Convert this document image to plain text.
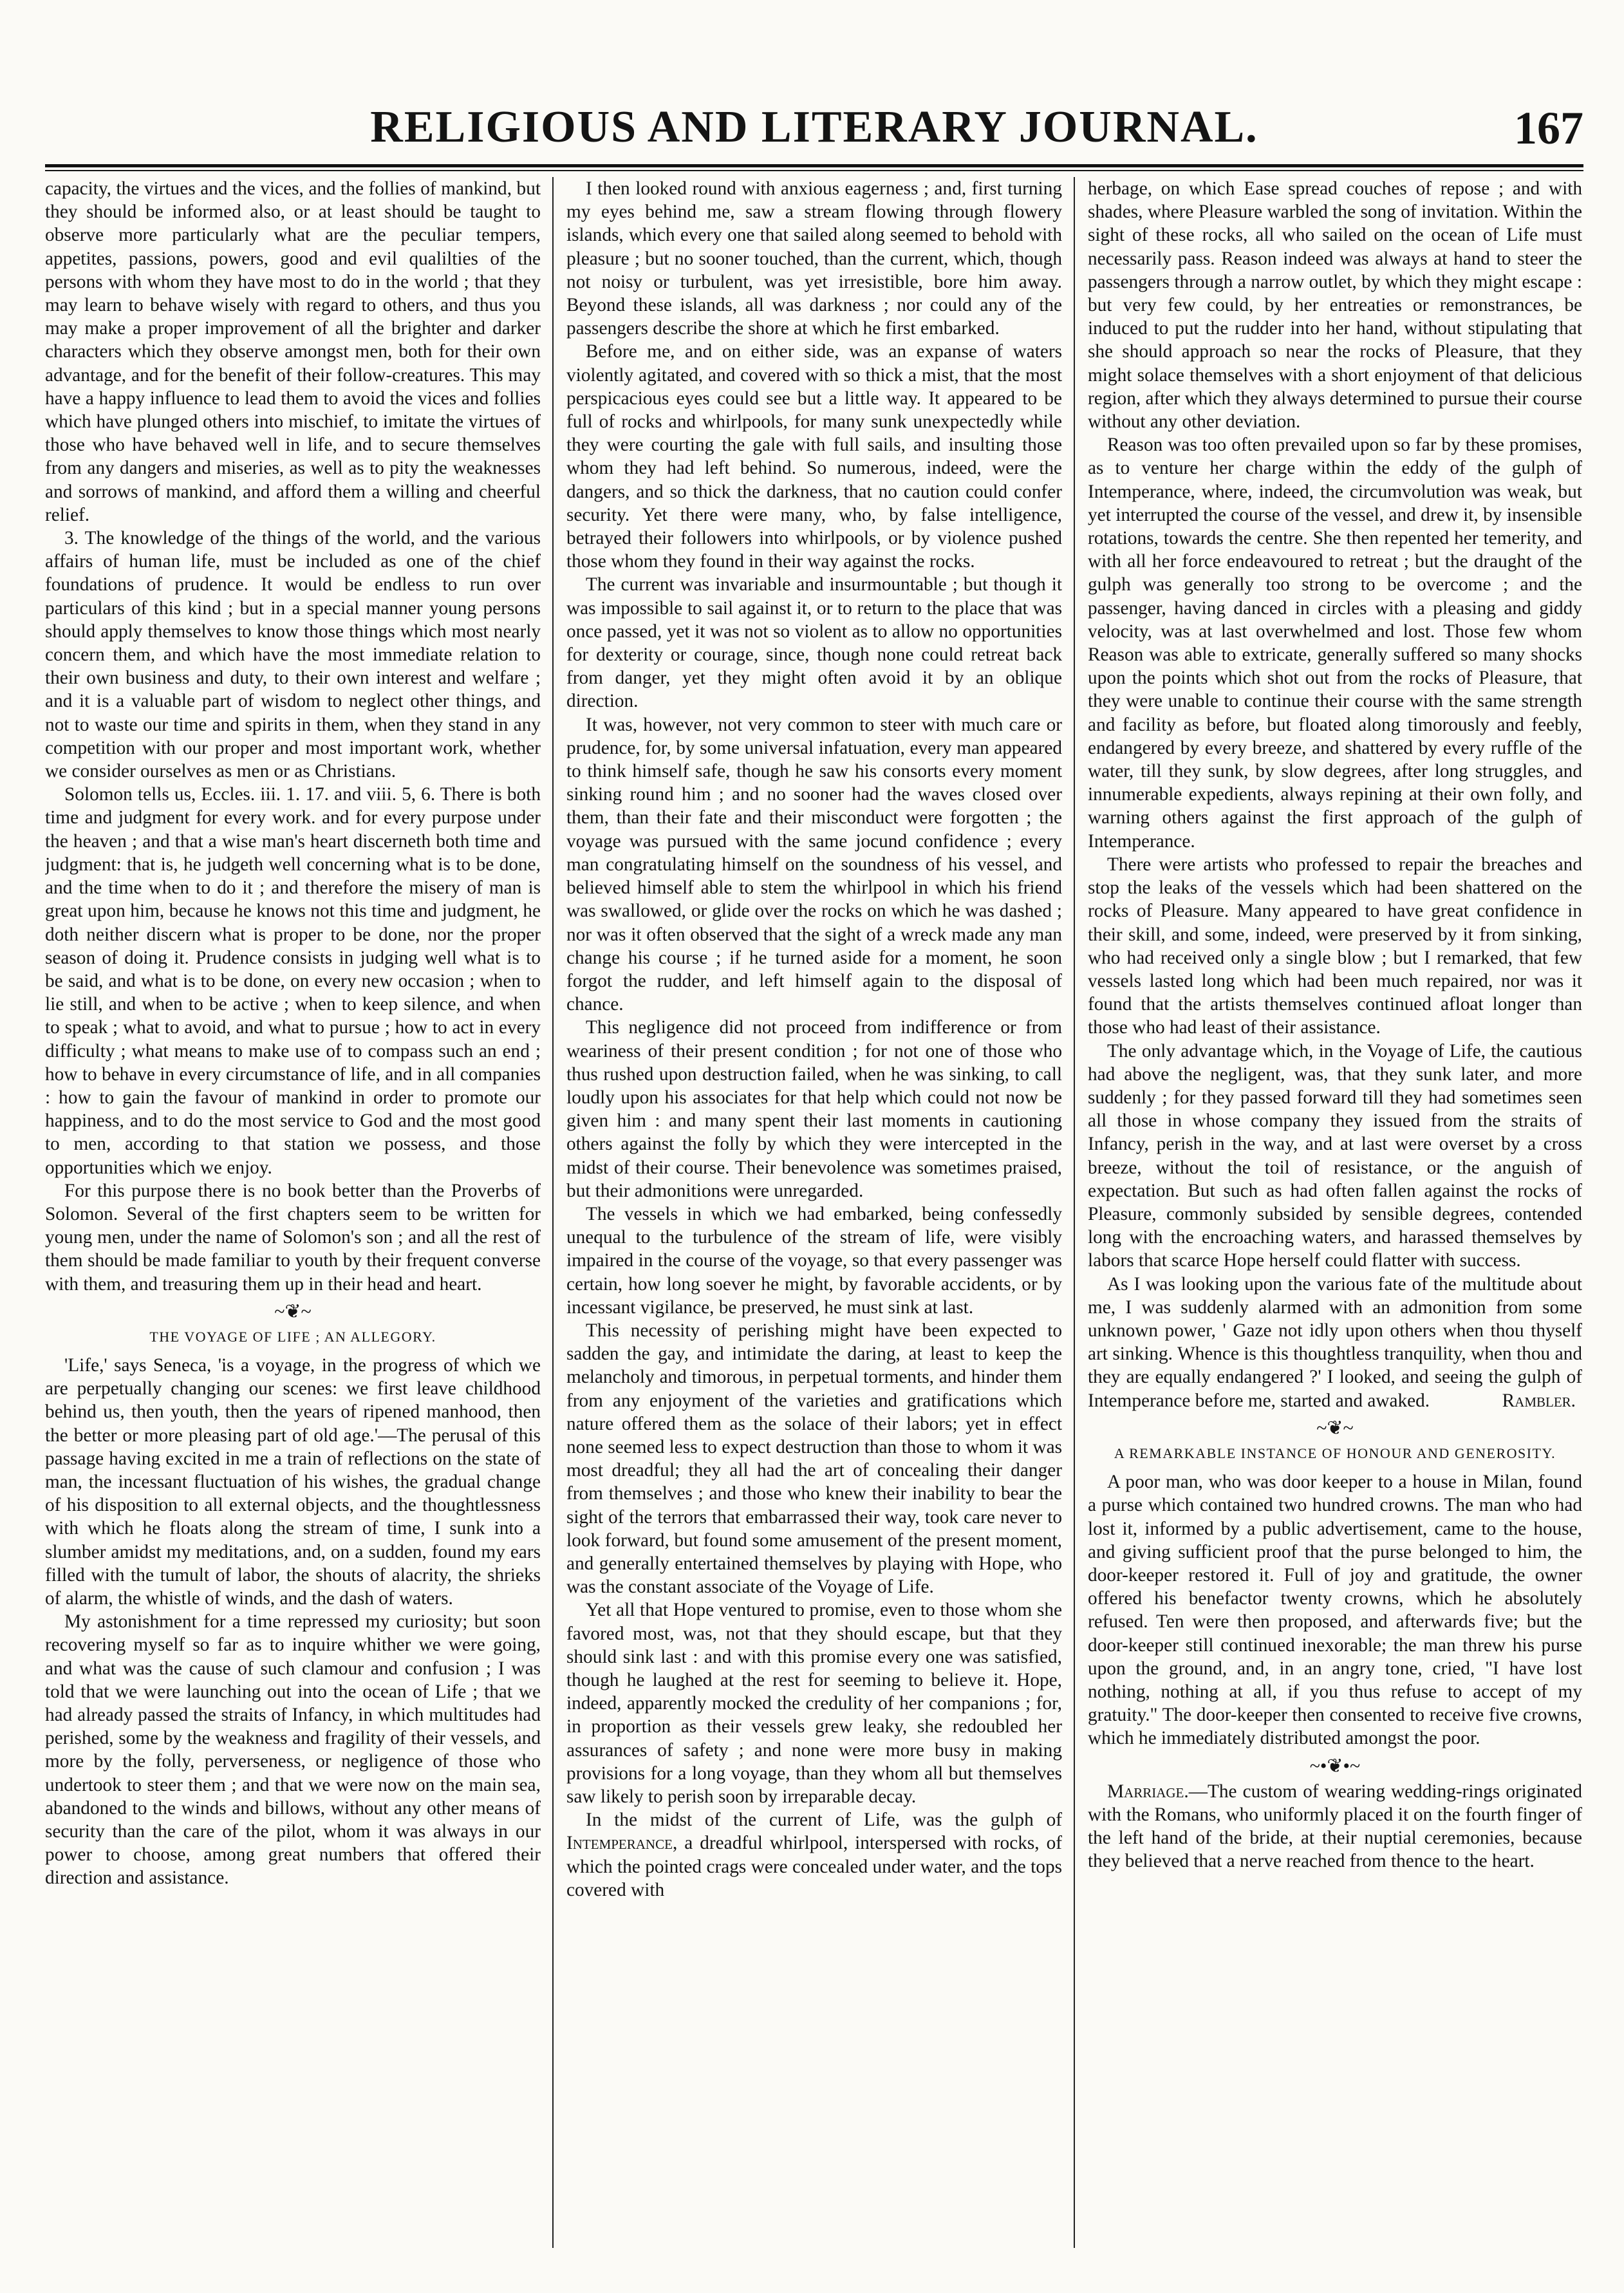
RELIGIOUS AND LITERARY JOURNAL.	167

capacity, the virtues and the vices, and the follies of mankind, but they should be informed also, or at least should be taught to observe more particularly what are the peculiar tempers, appetites, passions, powers, good and evil qualilties of the persons with whom they have most to do in the world ; that they may learn to behave wisely with regard to others, and thus you may make a proper improvement of all the brighter and darker characters which they observe amongst men, both for their own advantage, and for the benefit of their follow-creatures. This may have a happy influence to lead them to avoid the vices and follies which have plunged others into mischief, to imitate the virtues of those who have behaved well in life, and to secure themselves from any dangers and miseries, as well as to pity the weaknesses and sorrows of mankind, and afford them a willing and cheerful relief.

3. The knowledge of the things of the world, and the various affairs of human life, must be included as one of the chief foundations of prudence. It would be endless to run over particulars of this kind ; but in a special manner young persons should apply themselves to know those things which most nearly concern them, and which have the most immediate relation to their own business and duty, to their own interest and welfare ; and it is a valuable part of wisdom to neglect other things, and not to waste our time and spirits in them, when they stand in any competition with our proper and most important work, whether we consider ourselves as men or as Christians.

Solomon tells us, Eccles. iii. 1. 17. and viii. 5, 6. There is both time and judgment for every work. and for every purpose under the heaven ; and that a wise man's heart discerneth both time and judgment: that is, he judgeth well concerning what is to be done, and the time when to do it ; and therefore the misery of man is great upon him, because he knows not this time and judgment, he doth neither discern what is proper to be done, nor the proper season of doing it. Prudence consists in judging well what is to be said, and what is to be done, on every new occasion ; when to lie still, and when to be active ; when to keep silence, and when to speak ; what to avoid, and what to pursue ; how to act in every difficulty ; what means to make use of to compass such an end ; how to behave in every circumstance of life, and in all companies : how to gain the favour of mankind in order to promote our happiness, and to do the most service to God and the most good to men, according to that station we possess, and those opportunities which we enjoy.

For this purpose there is no book better than the Proverbs of Solomon. Several of the first chapters seem to be written for young men, under the name of Solomon's son ; and all the rest of them should be made familiar to youth by their frequent converse with them, and treasuring them up in their head and heart.

~❦~
THE VOYAGE OF LIFE ; AN ALLEGORY.

'Life,' says Seneca, 'is a voyage, in the progress of which we are perpetually changing our scenes: we first leave childhood behind us, then youth, then the years of ripened manhood, then the better or more pleasing part of old age.'—The perusal of this passage having excited in me a train of reflections on the state of man, the incessant fluctuation of his wishes, the gradual change of his disposition to all external objects, and the thoughtlessness with which he floats along the stream of time, I sunk into a slumber amidst my meditations, and, on a sudden, found my ears filled with the tumult of labor, the shouts of alacrity, the shrieks of alarm, the whistle of winds, and the dash of waters.

My astonishment for a time repressed my curiosity; but soon recovering myself so far as to inquire whither we were going, and what was the cause of such clamour and confusion ; I was told that we were launching out into the ocean of Life ; that we had already passed the straits of Infancy, in which multitudes had perished, some by the weakness and fragility of their vessels, and more by the folly, perverseness, or negligence of those who undertook to steer them ; and that we were now on the main sea, abandoned to the winds and billows, without any other means of security than the care of the pilot, whom it was always in our power to choose, among great numbers that offered their direction and assistance.

I then looked round with anxious eagerness ; and, first turning my eyes behind me, saw a stream flowing through flowery islands, which every one that sailed along seemed to behold with pleasure ; but no sooner touched, than the current, which, though not noisy or turbulent, was yet irresistible, bore him away. Beyond these islands, all was darkness ; nor could any of the passengers describe the shore at which he first embarked.

Before me, and on either side, was an expanse of waters violently agitated, and covered with so thick a mist, that the most perspicacious eyes could see but a little way. It appeared to be full of rocks and whirlpools, for many sunk unexpectedly while they were courting the gale with full sails, and insulting those whom they had left behind. So numerous, indeed, were the dangers, and so thick the darkness, that no caution could confer security. Yet there were many, who, by false intelligence, betrayed their followers into whirlpools, or by violence pushed those whom they found in their way against the rocks.

The current was invariable and insurmountable ; but though it was impossible to sail against it, or to return to the place that was once passed, yet it was not so violent as to allow no opportunities for dexterity or courage, since, though none could retreat back from danger, yet they might often avoid it by an oblique direction.

It was, however, not very common to steer with much care or prudence, for, by some universal infatuation, every man appeared to think himself safe, though he saw his consorts every moment sinking round him ; and no sooner had the waves closed over them, than their fate and their misconduct were forgotten ; the voyage was pursued with the same jocund confidence ; every man congratulating himself on the soundness of his vessel, and believed himself able to stem the whirlpool in which his friend was swallowed, or glide over the rocks on which he was dashed ; nor was it often observed that the sight of a wreck made any man change his course ; if he turned aside for a moment, he soon forgot the rudder, and left himself again to the disposal of chance.

This negligence did not proceed from indifference or from weariness of their present condition ; for not one of those who thus rushed upon destruction failed, when he was sinking, to call loudly upon his associates for that help which could not now be given him : and many spent their last moments in cautioning others against the folly by which they were intercepted in the midst of their course. Their benevolence was sometimes praised, but their admonitions were unregarded.

The vessels in which we had embarked, being confessedly unequal to the turbulence of the stream of life, were visibly impaired in the course of the voyage, so that every passenger was certain, how long soever he might, by favorable accidents, or by incessant vigilance, be preserved, he must sink at last.

This necessity of perishing might have been expected to sadden the gay, and intimidate the daring, at least to keep the melancholy and timorous, in perpetual torments, and hinder them from any enjoyment of the varieties and gratifications which nature offered them as the solace of their labors; yet in effect none seemed less to expect destruction than those to whom it was most dreadful; they all had the art of concealing their danger from themselves ; and those who knew their inability to bear the sight of the terrors that embarrassed their way, took care never to look forward, but found some amusement of the present moment, and generally entertained themselves by playing with Hope, who was the constant associate of the Voyage of Life.

Yet all that Hope ventured to promise, even to those whom she favored most, was, not that they should escape, but that they should sink last : and with this promise every one was satisfied, though he laughed at the rest for seeming to believe it. Hope, indeed, apparently mocked the credulity of her companions ; for, in proportion as their vessels grew leaky, she redoubled her assurances of safety ; and none were more busy in making provisions for a long voyage, than they whom all but themselves saw likely to perish soon by irreparable decay.

In the midst of the current of Life, was the gulph of Intemperance, a dreadful whirlpool, interspersed with rocks, of which the pointed crags were concealed under water, and the tops covered with

herbage, on which Ease spread couches of repose ; and with shades, where Pleasure warbled the song of invitation. Within the sight of these rocks, all who sailed on the ocean of Life must necessarily pass. Reason indeed was always at hand to steer the passengers through a narrow outlet, by which they might escape : but very few could, by her entreaties or remonstrances, be induced to put the rudder into her hand, without stipulating that she should approach so near the rocks of Pleasure, that they might solace themselves with a short enjoyment of that delicious region, after which they always determined to pursue their course without any other deviation.

Reason was too often prevailed upon so far by these promises, as to venture her charge within the eddy of the gulph of Intemperance, where, indeed, the circumvolution was weak, but yet interrupted the course of the vessel, and drew it, by insensible rotations, towards the centre. She then repented her temerity, and with all her force endeavoured to retreat ; but the draught of the gulph was generally too strong to be overcome ; and the passenger, having danced in circles with a pleasing and giddy velocity, was at last overwhelmed and lost. Those few whom Reason was able to extricate, generally suffered so many shocks upon the points which shot out from the rocks of Pleasure, that they were unable to continue their course with the same strength and facility as before, but floated along timorously and feebly, endangered by every breeze, and shattered by every ruffle of the water, till they sunk, by slow degrees, after long struggles, and innumerable expedients, always repining at their own folly, and warning others against the first approach of the gulph of Intemperance.

There were artists who professed to repair the breaches and stop the leaks of the vessels which had been shattered on the rocks of Pleasure. Many appeared to have great confidence in their skill, and some, indeed, were preserved by it from sinking, who had received only a single blow ; but I remarked, that few vessels lasted long which had been much repaired, nor was it found that the artists themselves continued afloat longer than those who had least of their assistance.

The only advantage which, in the Voyage of Life, the cautious had above the negligent, was, that they sunk later, and more suddenly ; for they passed forward till they had sometimes seen all those in whose company they issued from the straits of Infancy, perish in the way, and at last were overset by a cross breeze, without the toil of resistance, or the anguish of expectation. But such as had often fallen against the rocks of Pleasure, commonly subsided by sensible degrees, contended long with the encroaching waters, and harassed themselves by labors that scarce Hope herself could flatter with success.

As I was looking upon the various fate of the multitude about me, I was suddenly alarmed with an admonition from some unknown power, ' Gaze not idly upon others when thou thyself art sinking. Whence is this thoughtless tranquility, when thou and they are equally endangered ?' I looked, and seeing the gulph of Intemperance before me, started and awaked.	Rambler.
~❦~
A REMARKABLE INSTANCE OF HONOUR AND GENEROSITY.

A poor man, who was door keeper to a house in Milan, found a purse which contained two hundred crowns. The man who had lost it, informed by a public advertisement, came to the house, and giving sufficient proof that the purse belonged to him, the door-keeper restored it. Full of joy and gratitude, the owner offered his benefactor twenty crowns, which he absolutely refused. Ten were then proposed, and afterwards five; but the door-keeper still continued inexorable; the man threw his purse upon the ground, and, in an angry tone, cried, "I have lost nothing, nothing at all, if you thus refuse to accept of my gratuity." The door-keeper then consented to receive five crowns, which he immediately distributed amongst the poor.

~•❦•~

Marriage.—The custom of wearing wedding-rings originated with the Romans, who uniformly placed it on the fourth finger of the left hand of the bride, at their nuptial ceremonies, because they believed that a nerve reached from thence to the heart.
